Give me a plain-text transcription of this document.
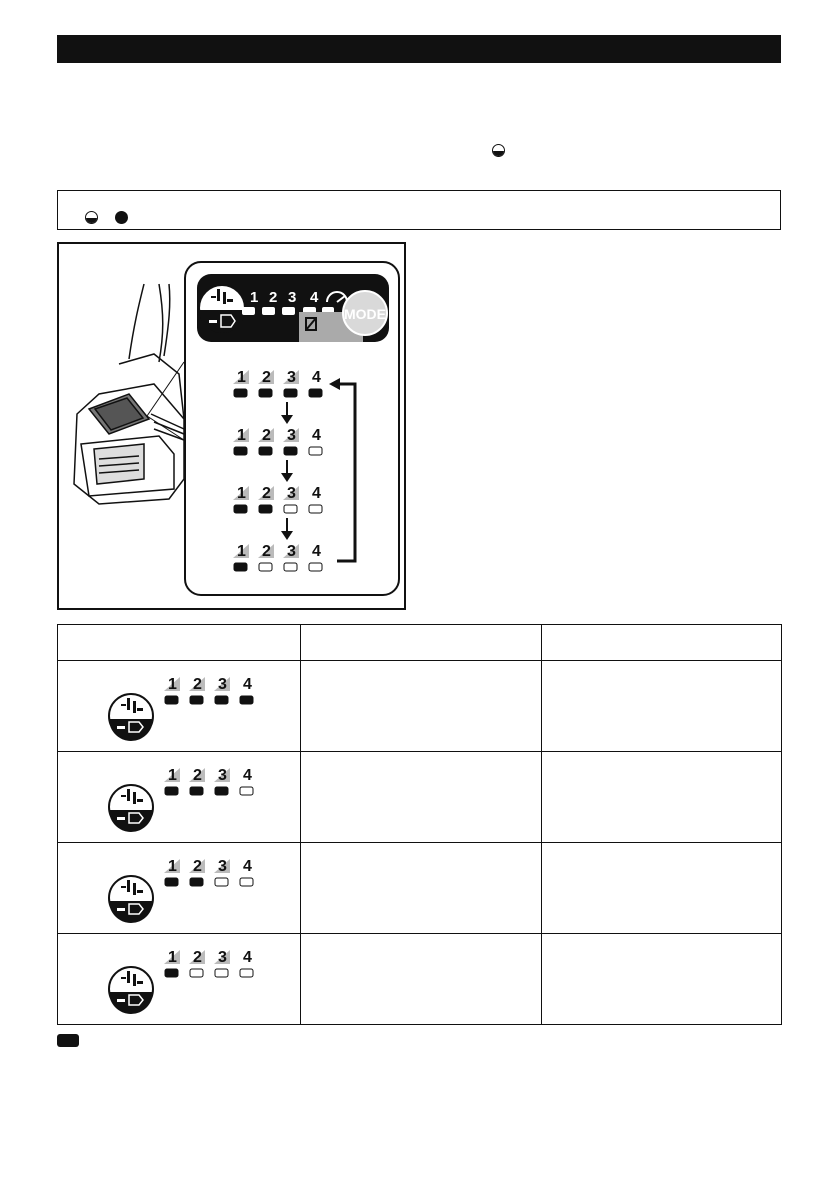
1 2 3 4
MODE
1 2 3 4
1 2 3 4
1 2 3 4
1 2 3 4

1 2 3 4		

1 2 3 4		

1 2 3 4		

1 2 3 4		
